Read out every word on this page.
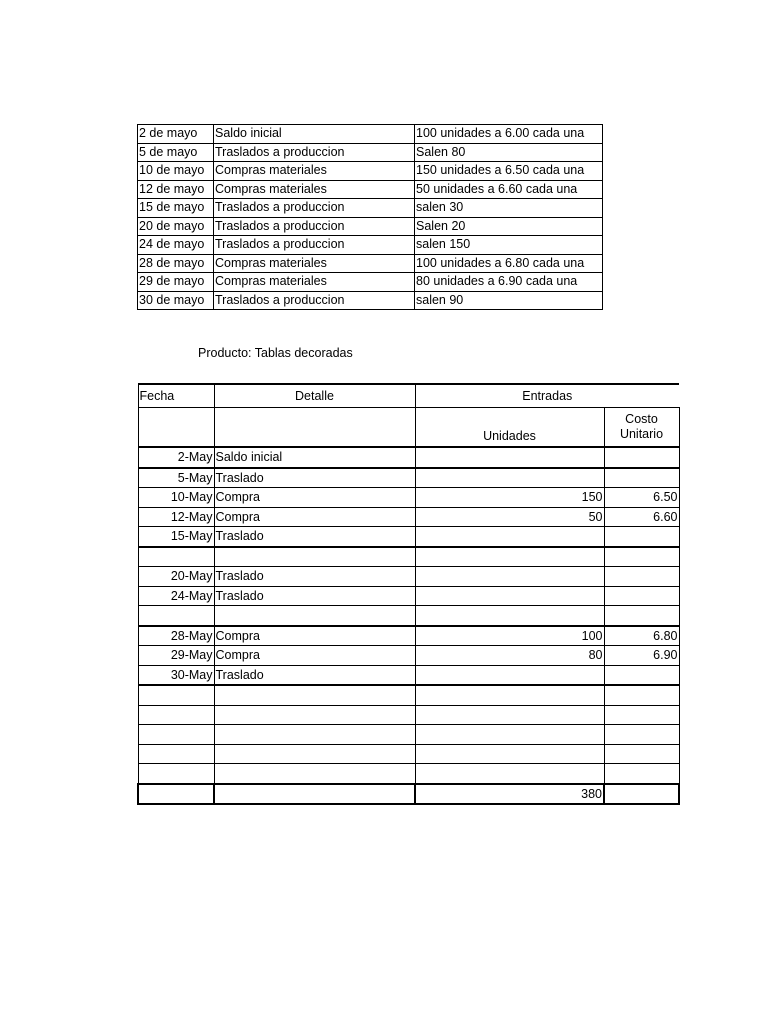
2 de mayo	Saldo inicial	100 unidades a 6.00 cada una
5 de mayo	Traslados a produccion	Salen 80
10 de mayo	Compras materiales	150 unidades a 6.50 cada una
12 de mayo	Compras materiales	50 unidades a 6.60 cada una
15 de mayo	Traslados a produccion	salen 30
20 de mayo	Traslados a produccion	Salen 20
24 de mayo	Traslados a produccion	salen 150
28 de mayo	Compras materiales	100 unidades a 6.80 cada una
29 de mayo	Compras materiales	80 unidades a 6.90 cada una
30 de mayo	Traslados a produccion	salen 90
Producto: Tablas decoradas
Fecha	Detalle	Entradas	
		Unidades	Costo Unitario
2-May	Saldo inicial		
5-May	Traslado		
10-May	Compra	150	6.50
12-May	Compra	50	6.60
15-May	Traslado		

20-May	Traslado		
24-May	Traslado		

28-May	Compra	100	6.80
29-May	Compra	80	6.90
30-May	Traslado		

		380	
